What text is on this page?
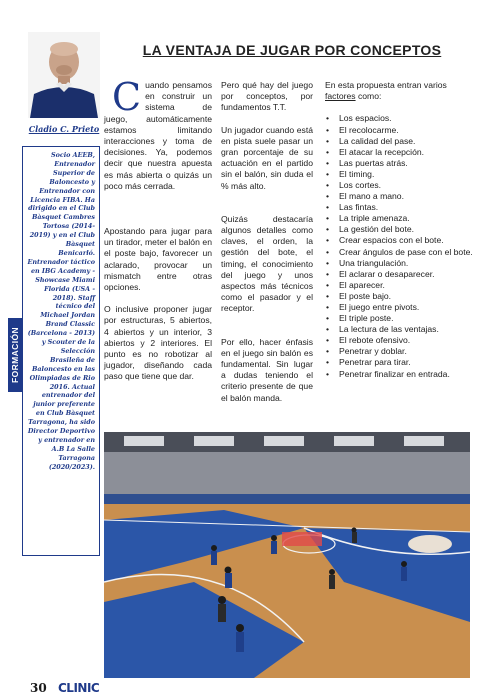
FORMACIÓN
Cladio C. Prieto
Socio AEEB, Entrenador Superior de Baloncesto y Entrenador con Licencia FIBA. Ha dirigido en el Club Bàsquet Cambres Tortosa (2014-2019) y en el Club Bàsquet Benicarló. Entrenador táctico en IBG Academy - Showcase Miami Florida (USA - 2018). Staff técnico del Michael Jordan Brand Classic (Barcelona - 2013) y Scouter de la Selección Brasileña de Baloncesto en las Olimpiadas de Rio 2016. Actual entrenador del junior preferente en Club Bàsquet Tarragona, ha sido Director Deportivo y entrenador en A.B La Salle Tarragona (2020/2023).
LA VENTAJA DE JUGAR POR CONCEPTOS

Cuando pensamos en construir un sistema de juego, automáticamente estamos limitando interacciones y toma de decisiones. Ya, podemos decir que nuestra apuesta es más abierta o quizás un poco más cerrada.

Apostando para jugar para un tirador, meter el balón en el poste bajo, favorecer un aclarado, provocar un mismatch entre otras opciones.

O inclusive proponer jugar por estructuras, 5 abiertos, 4 abiertos y un interior, 3 abiertos y 2 interiores. El punto es no robotizar al jugador, diseñando cada paso que tiene que dar.

Pero qué hay del juego por conceptos, por fundamentos T.T.

Un jugador cuando está en pista suele pasar un gran porcentaje de su actuación en el partido sin el balón, sin duda el % más alto.

Quizás destacaría algunos detalles como claves, el orden, la gestión del bote, el timing, el conocimiento del juego y unos aspectos más técnicos como el pasador y el receptor.

Por ello, hacer énfasis en el juego sin balón es fundamental. Sin lugar a dudas teniendo el criterio presente de que el balón manda.

En esta propuesta entran varios factores como:

• Los espacios.
• El recolocarme.
• La calidad del pase.
• El atacar la recepción.
• Las puertas atrás.
• El timing.
• Los cortes.
• El mano a mano.
• Las fintas.
• La triple amenaza.
• La gestión del bote.
• Crear espacios con el bote.
• Crear ángulos de pase con el bote.
• Una triangulación.
• El aclarar o desaparecer.
• El aparecer.
• El poste bajo.
• El juego entre pivots.
• El triple poste.
• La lectura de las ventajas.
• El rebote ofensivo.
• Penetrar y doblar.
• Penetrar para tirar.
• Penetrar finalizar en entrada.
30 CLINIC
